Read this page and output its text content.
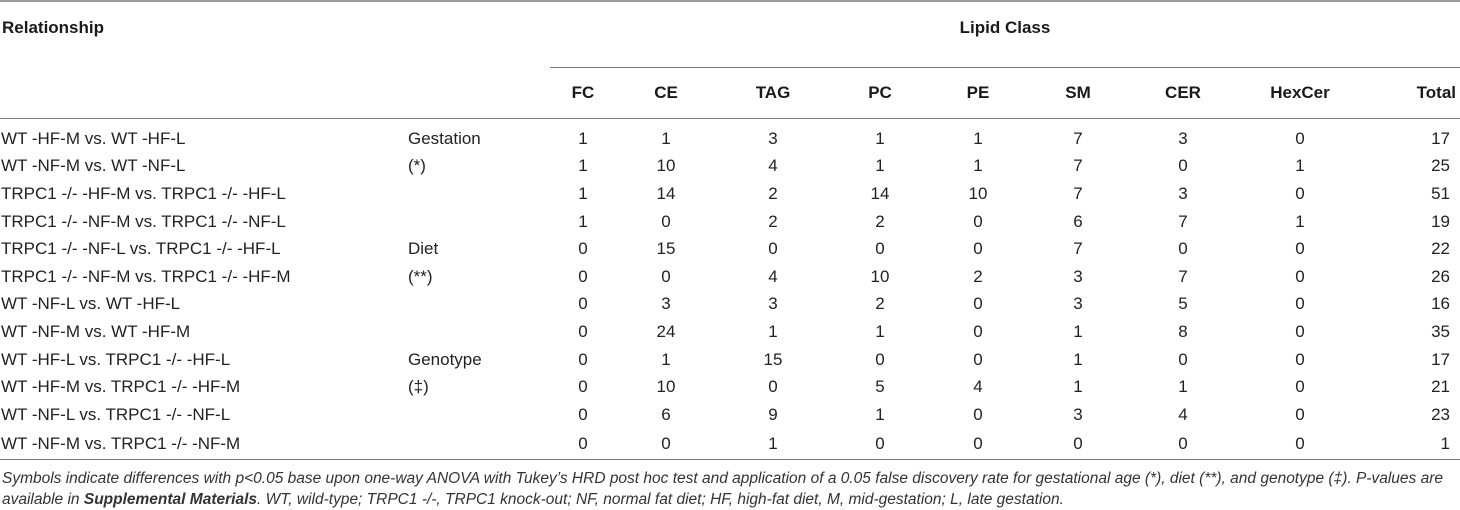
Relationship		Lipid Class								
		FC	CE	TAG	PC	PE	SM	CER	HexCer	Total
WT -HF-M vs. WT -HF-L	Gestation	1	1	3	1	1	7	3	0	17
WT -NF-M vs. WT -NF-L	(*)	1	10	4	1	1	7	0	1	25
TRPC1 -/- -HF-M vs. TRPC1 -/- -HF-L		1	14	2	14	10	7	3	0	51
TRPC1 -/- -NF-M vs. TRPC1 -/- -NF-L		1	0	2	2	0	6	7	1	19
TRPC1 -/- -NF-L vs. TRPC1 -/- -HF-L	Diet	0	15	0	0	0	7	0	0	22
TRPC1 -/- -NF-M vs. TRPC1 -/- -HF-M	(**)	0	0	4	10	2	3	7	0	26
WT -NF-L vs. WT -HF-L		0	3	3	2	0	3	5	0	16
WT -NF-M vs. WT -HF-M		0	24	1	1	0	1	8	0	35
WT -HF-L vs. TRPC1 -/- -HF-L	Genotype	0	1	15	0	0	1	0	0	17
WT -HF-M vs. TRPC1 -/- -HF-M	(‡)	0	10	0	5	4	1	1	0	21
WT -NF-L vs. TRPC1 -/- -NF-L		0	6	9	1	0	3	4	0	23
WT -NF-M vs. TRPC1 -/- -NF-M		0	0	1	0	0	0	0	0	1
Symbols indicate differences with p<0.05 base upon one-way ANOVA with Tukey’s HRD post hoc test and application of a 0.05 false discovery rate for gestational age (*), diet (**), and genotype (‡). P-values are available in Supplemental Materials. WT, wild-type; TRPC1 -/-, TRPC1 knock-out; NF, normal fat diet; HF, high-fat diet, M, mid-gestation; L, late gestation.
